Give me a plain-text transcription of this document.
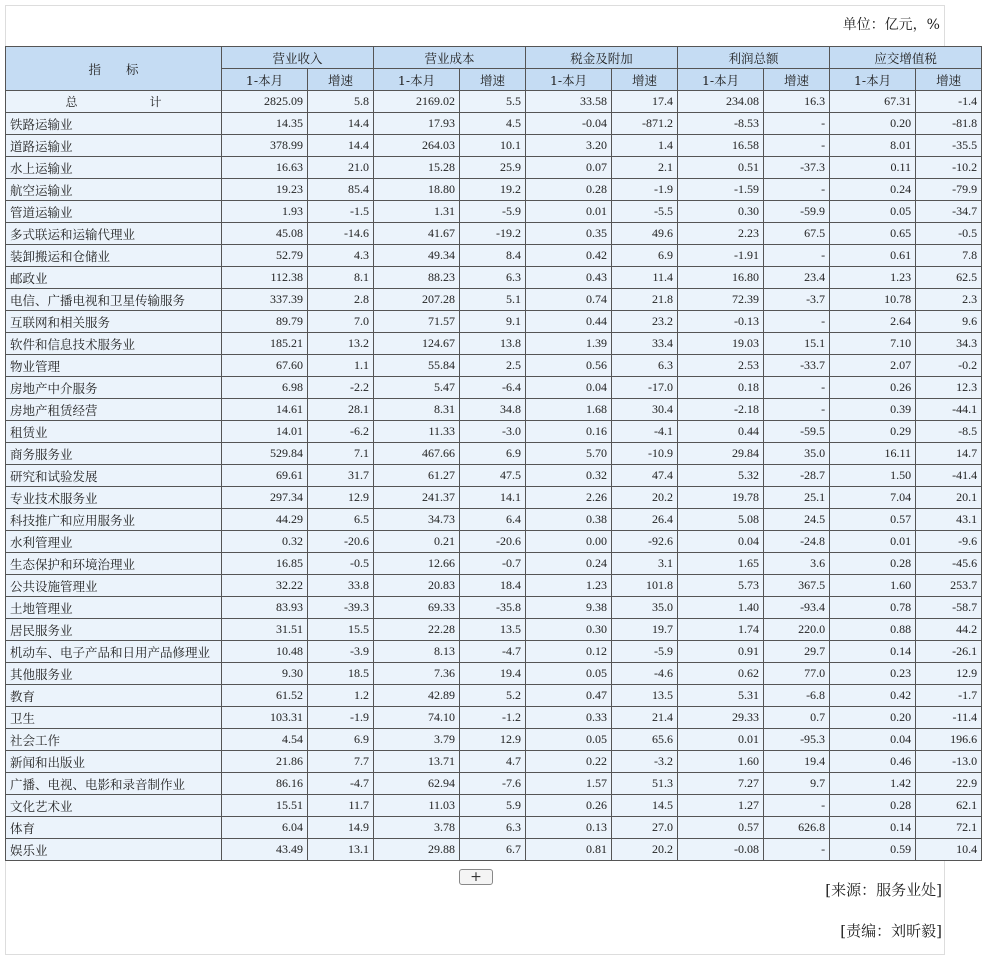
单位：亿元，%
指　　标	营业收入		营业成本		税金及附加		利润总额		应交增值税	
	1-本月	增速	1-本月	增速	1-本月	增速	1-本月	增速	1-本月	增速
总　计	2825.09	5.8	2169.02	5.5	33.58	17.4	234.08	16.3	67.31	-1.4
铁路运输业	14.35	14.4	17.93	4.5	-0.04	-871.2	-8.53	-	0.20	-81.8
道路运输业	378.99	14.4	264.03	10.1	3.20	1.4	16.58	-	8.01	-35.5
水上运输业	16.63	21.0	15.28	25.9	0.07	2.1	0.51	-37.3	0.11	-10.2
航空运输业	19.23	85.4	18.80	19.2	0.28	-1.9	-1.59	-	0.24	-79.9
管道运输业	1.93	-1.5	1.31	-5.9	0.01	-5.5	0.30	-59.9	0.05	-34.7
多式联运和运输代理业	45.08	-14.6	41.67	-19.2	0.35	49.6	2.23	67.5	0.65	-0.5
装卸搬运和仓储业	52.79	4.3	49.34	8.4	0.42	6.9	-1.91	-	0.61	7.8
邮政业	112.38	8.1	88.23	6.3	0.43	11.4	16.80	23.4	1.23	62.5
电信、广播电视和卫星传输服务	337.39	2.8	207.28	5.1	0.74	21.8	72.39	-3.7	10.78	2.3
互联网和相关服务	89.79	7.0	71.57	9.1	0.44	23.2	-0.13	-	2.64	9.6
软件和信息技术服务业	185.21	13.2	124.67	13.8	1.39	33.4	19.03	15.1	7.10	34.3
物业管理	67.60	1.1	55.84	2.5	0.56	6.3	2.53	-33.7	2.07	-0.2
房地产中介服务	6.98	-2.2	5.47	-6.4	0.04	-17.0	0.18	-	0.26	12.3
房地产租赁经营	14.61	28.1	8.31	34.8	1.68	30.4	-2.18	-	0.39	-44.1
租赁业	14.01	-6.2	11.33	-3.0	0.16	-4.1	0.44	-59.5	0.29	-8.5
商务服务业	529.84	7.1	467.66	6.9	5.70	-10.9	29.84	35.0	16.11	14.7
研究和试验发展	69.61	31.7	61.27	47.5	0.32	47.4	5.32	-28.7	1.50	-41.4
专业技术服务业	297.34	12.9	241.37	14.1	2.26	20.2	19.78	25.1	7.04	20.1
科技推广和应用服务业	44.29	6.5	34.73	6.4	0.38	26.4	5.08	24.5	0.57	43.1
水利管理业	0.32	-20.6	0.21	-20.6	0.00	-92.6	0.04	-24.8	0.01	-9.6
生态保护和环境治理业	16.85	-0.5	12.66	-0.7	0.24	3.1	1.65	3.6	0.28	-45.6
公共设施管理业	32.22	33.8	20.83	18.4	1.23	101.8	5.73	367.5	1.60	253.7
土地管理业	83.93	-39.3	69.33	-35.8	9.38	35.0	1.40	-93.4	0.78	-58.7
居民服务业	31.51	15.5	22.28	13.5	0.30	19.7	1.74	220.0	0.88	44.2
机动车、电子产品和日用产品修理业	10.48	-3.9	8.13	-4.7	0.12	-5.9	0.91	29.7	0.14	-26.1
其他服务业	9.30	18.5	7.36	19.4	0.05	-4.6	0.62	77.0	0.23	12.9
教育	61.52	1.2	42.89	5.2	0.47	13.5	5.31	-6.8	0.42	-1.7
卫生	103.31	-1.9	74.10	-1.2	0.33	21.4	29.33	0.7	0.20	-11.4
社会工作	4.54	6.9	3.79	12.9	0.05	65.6	0.01	-95.3	0.04	196.6
新闻和出版业	21.86	7.7	13.71	4.7	0.22	-3.2	1.60	19.4	0.46	-13.0
广播、电视、电影和录音制作业	86.16	-4.7	62.94	-7.6	1.57	51.3	7.27	9.7	1.42	22.9
文化艺术业	15.51	11.7	11.03	5.9	0.26	14.5	1.27	-	0.28	62.1
体育	6.04	14.9	3.78	6.3	0.13	27.0	0.57	626.8	0.14	72.1
娱乐业	43.49	13.1	29.88	6.7	0.81	20.2	-0.08	-	0.59	10.4
+
[来源：服务业处]
[责编：刘昕毅]
